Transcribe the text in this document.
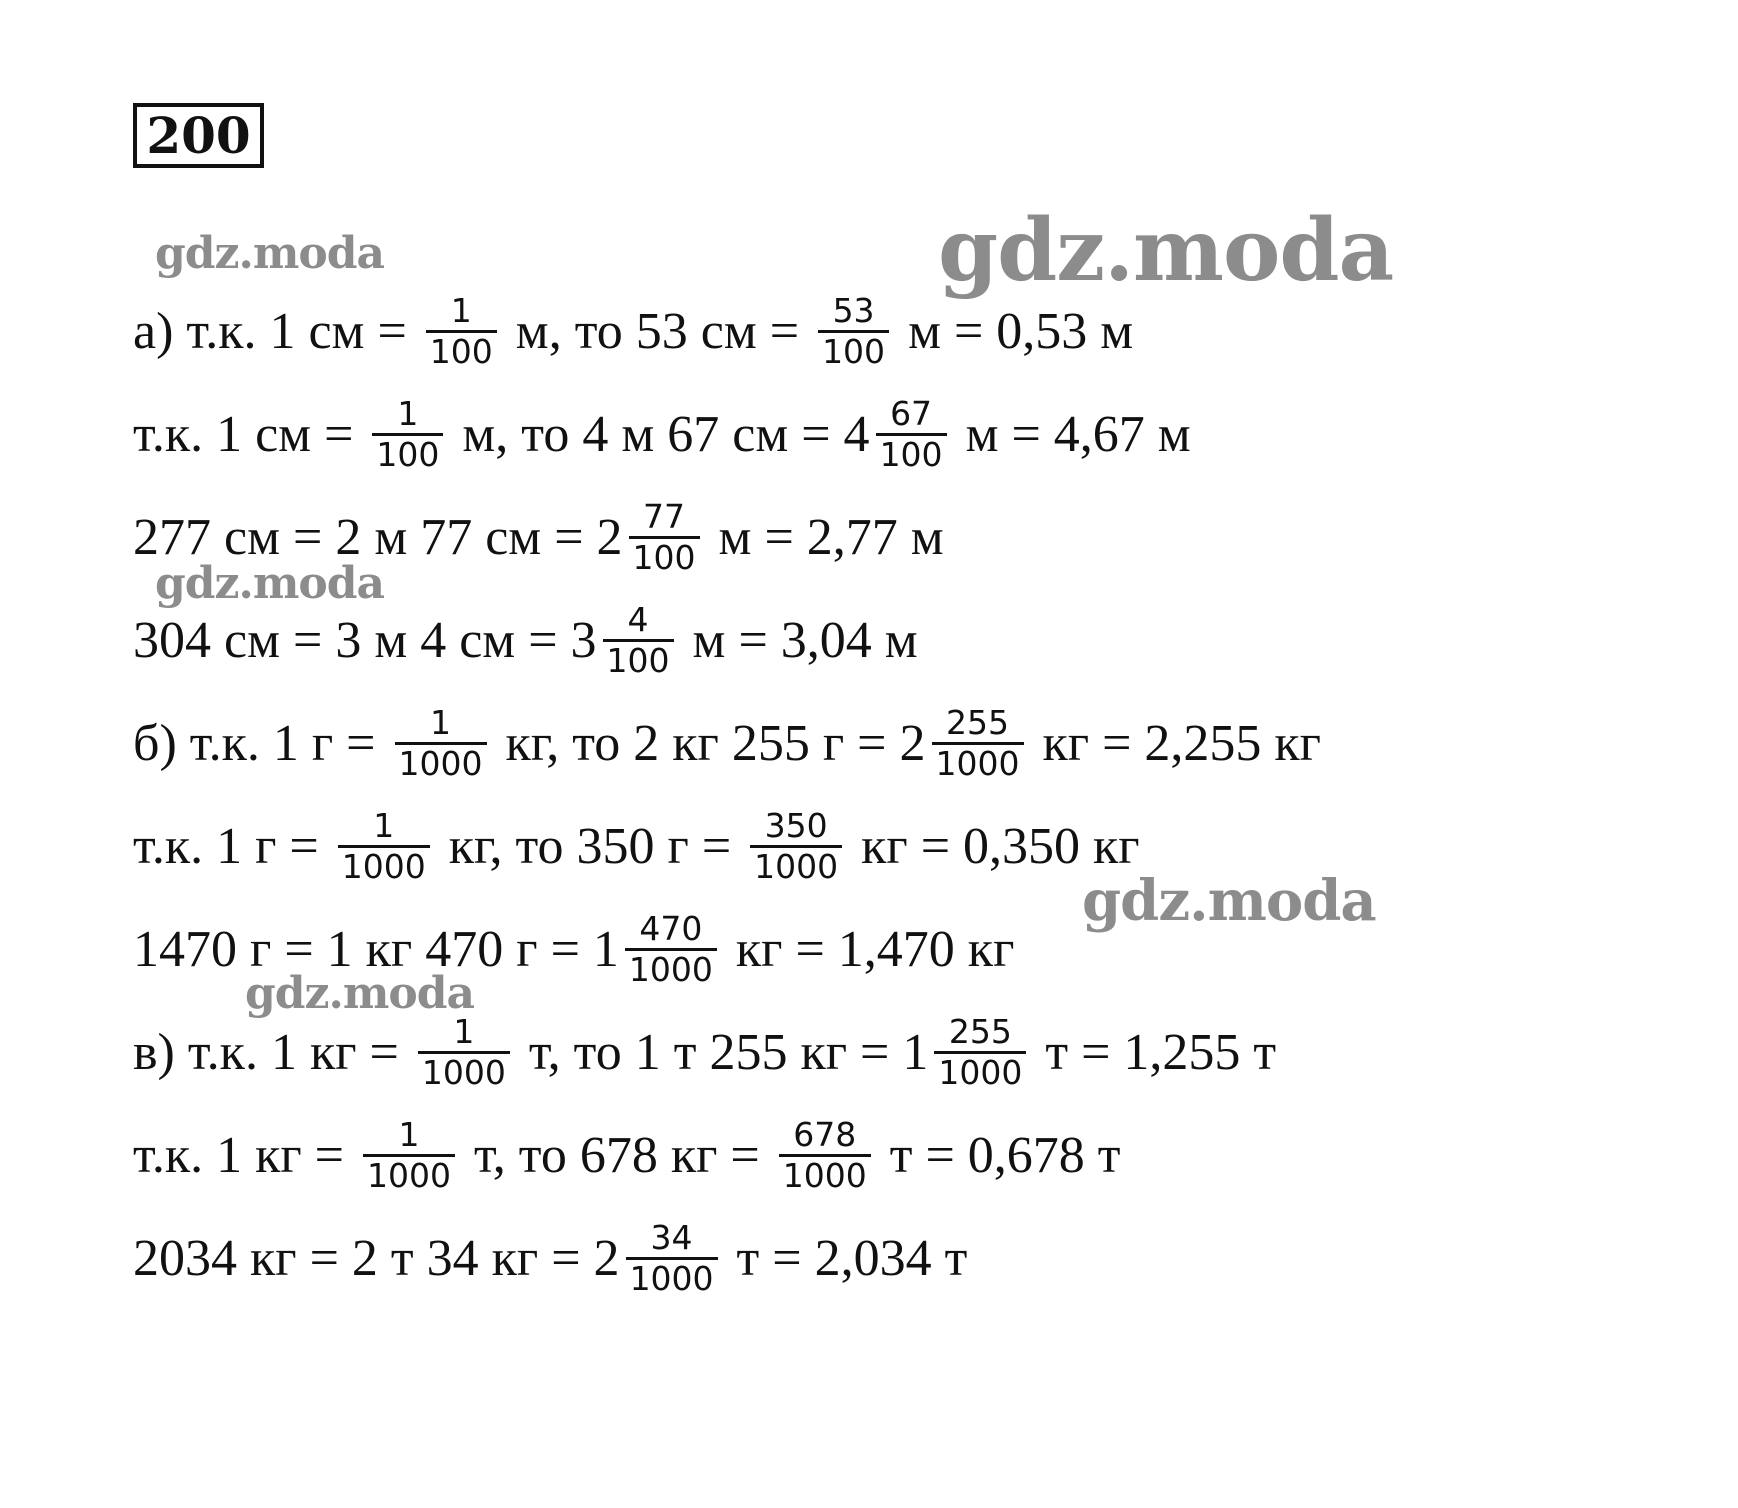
200
а) т.к. 1 см = $\frac{1}{100} м$, то 53 см = $\frac{53}{100}$ м = 0,53 м
т.к. 1 см = $\frac{1}{100} м$, то 4 м 67 см = $4 \frac{67}{100}$ м = 4,67 м
277 см = 2 м 77 см = $2 \frac{77}{100}$ м = 2,77 м
304 см = 3 м 4 см = $3 \frac{4}{100}$ м = 3,04 м
б) т.к. 1 $г = \frac{1}{1000}$ кг, то 2 кг 255 $г = 2 \frac{255}{1000}$ кг = 2,255 кг
т.к. 1 $г = \frac{1}{1000}$ кг, то 350 $г = \frac{350}{1000}$ кг = 0,350 кг
1470 г = 1 кг 470 $г = 1 \frac{470}{1000}$ кг = 1,470 кг
в) т.к. 1 кг = $\frac{1}{1000} т$, то 1 т 255 кг = $1 \frac{255}{1000}$ т = 1,255 т
т.к. 1 кг = $\frac{1}{1000} т$, то 678 кг = $\frac{678}{1000}$ т = 0,678 т
2034 кг = 2 т 34 кг = $2 \frac{34}{1000}$ т = 2,034 т
gdz.moda	gdz.moda
gdz.moda
gdz.moda
gdz.moda
